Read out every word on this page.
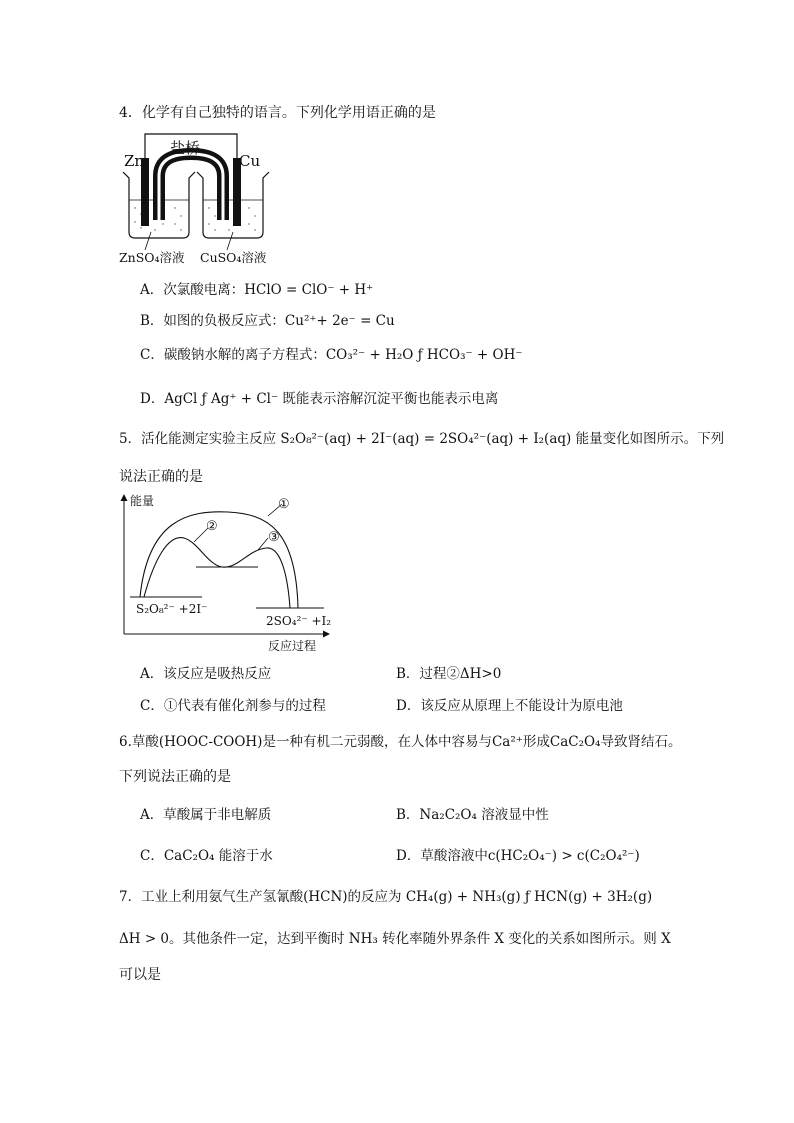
4．化学有自己独特的语言。下列化学用语正确的是
盐桥
Zn	Cu
ZnSO₄溶液 CuSO₄溶液
A．次氯酸电离：HClO = ClO⁻ + H⁺
B．如图的负极反应式：Cu²⁺+ 2e⁻ = Cu
C．碳酸钠水解的离子方程式：CO₃²⁻ + H₂O ƒ HCO₃⁻ + OH⁻
D．AgCl ƒ Ag⁺ + Cl⁻ 既能表示溶解沉淀平衡也能表示电离
5．活化能测定实验主反应 S₂O₈²⁻(aq) + 2I⁻(aq) = 2SO₄²⁻(aq) + I₂(aq) 能量变化如图所示。下列
说法正确的是
能量	①
②
③
S₂O₈²⁻ +2I⁻
2SO₄²⁻ +I₂
反应过程
A．该反应是吸热反应	B．过程②ΔH>0
C．①代表有催化剂参与的过程	D．该反应从原理上不能设计为原电池
6.草酸(HOOC-COOH)是一种有机二元弱酸，在人体中容易与Ca²⁺形成CaC₂O₄导致肾结石。
下列说法正确的是
A．草酸属于非电解质	B．Na₂C₂O₄ 溶液显中性
C．CaC₂O₄ 能溶于水	D．草酸溶液中c(HC₂O₄⁻) > c(C₂O₄²⁻)
7．工业上利用氨气生产氢氰酸(HCN)的反应为 CH₄(g) + NH₃(g) ƒ HCN(g) + 3H₂(g)
ΔH > 0。其他条件一定，达到平衡时 NH₃ 转化率随外界条件 X 变化的关系如图所示。则 X
可以是
